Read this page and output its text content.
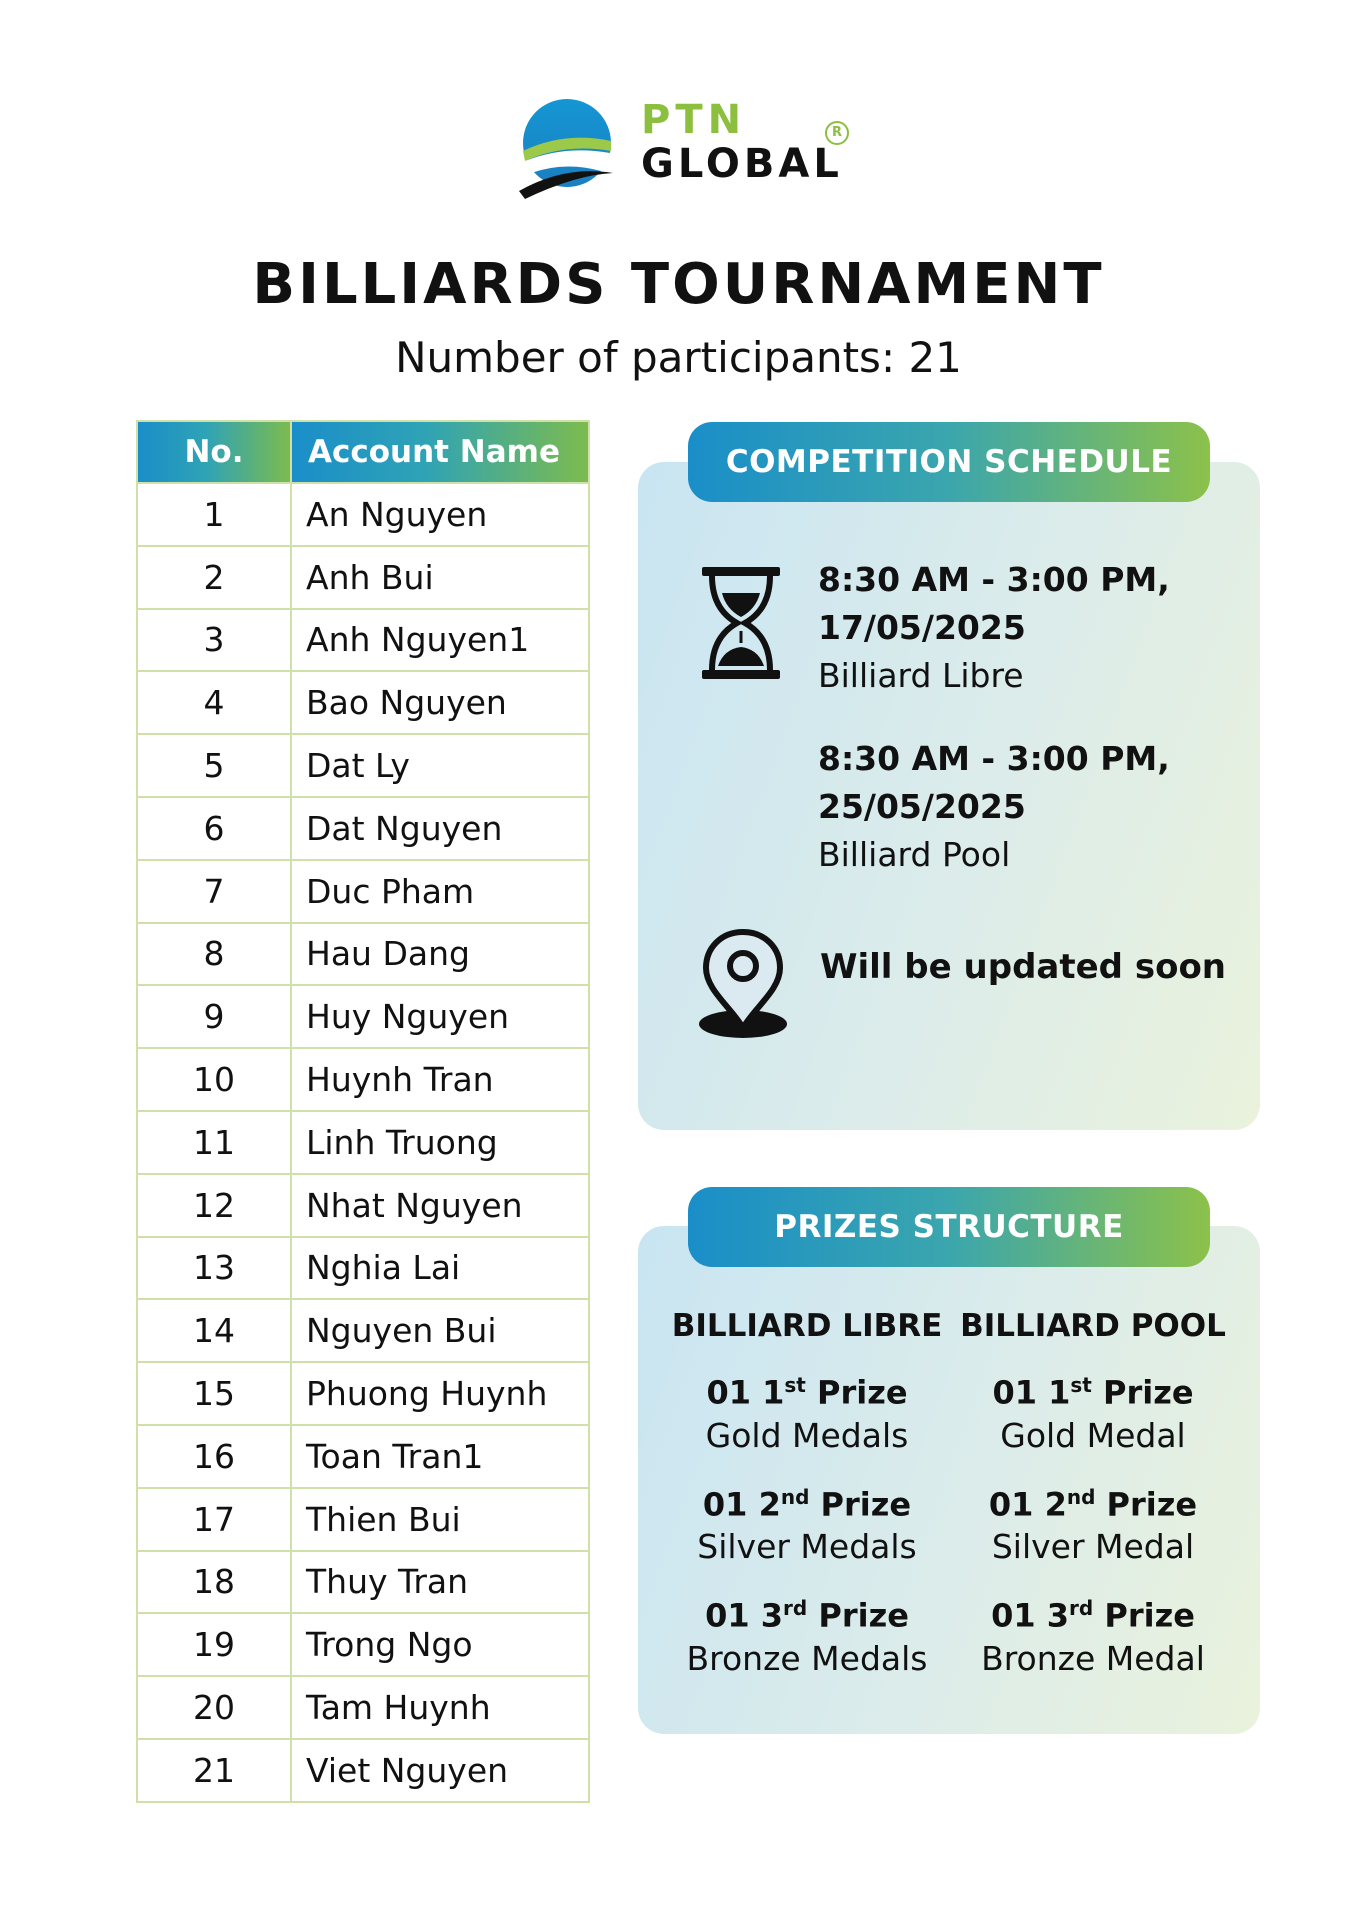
PTN
GLOBAL
R
BILLIARDS TOURNAMENT
Number of participants: 21
No.	Account Name
1	An Nguyen
2	Anh Bui
3	Anh Nguyen1
4	Bao Nguyen
5	Dat Ly
6	Dat Nguyen
7	Duc Pham
8	Hau Dang
9	Huy Nguyen
10	Huynh Tran
11	Linh Truong
12	Nhat Nguyen
13	Nghia Lai
14	Nguyen Bui
15	Phuong Huynh
16	Toan Tran1
17	Thien Bui
18	Thuy Tran
19	Trong Ngo
20	Tam Huynh
21	Viet Nguyen
COMPETITION SCHEDULE
8:30 AM - 3:00 PM,
17/05/2025
Billiard Libre
8:30 AM - 3:00 PM,
25/05/2025
Billiard Pool
Will be updated soon
PRIZES STRUCTURE
BILLIARD LIBRE
01 1st Prize
Gold Medals
01 2nd Prize
Silver Medals
01 3rd Prize
Bronze Medals
BILLIARD POOL
01 1st Prize
Gold Medal
01 2nd Prize
Silver Medal
01 3rd Prize
Bronze Medal
